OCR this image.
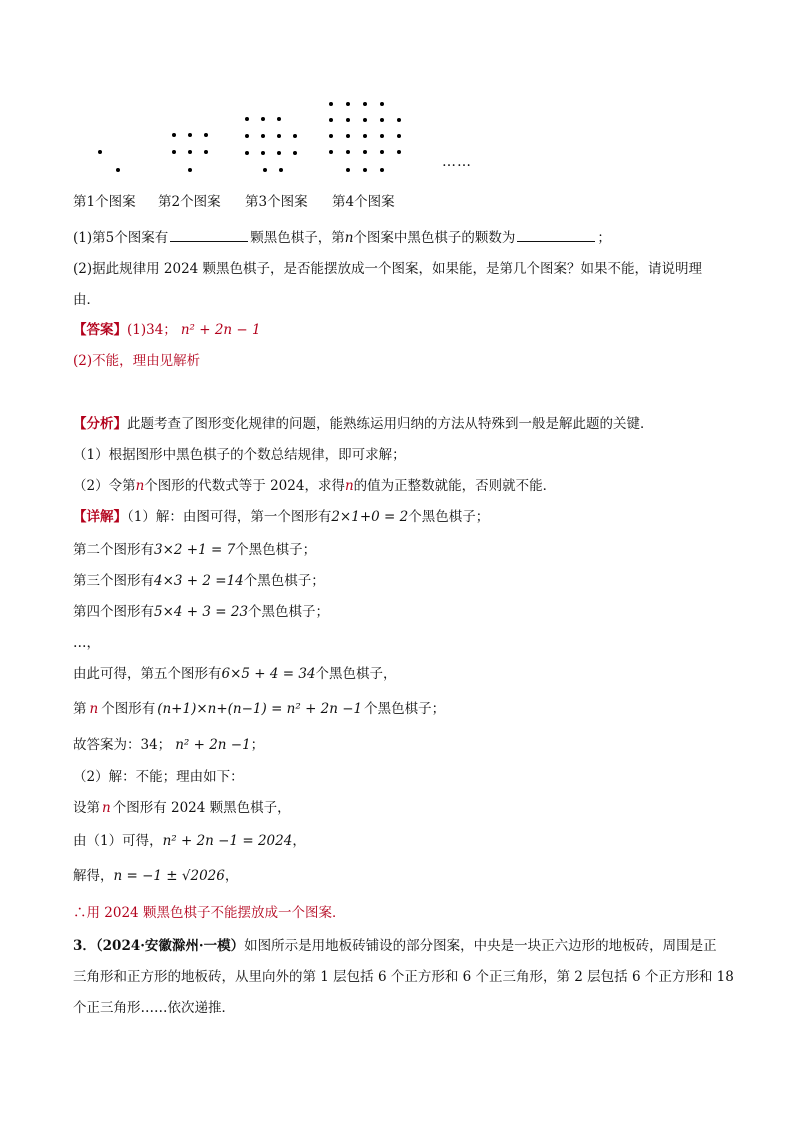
……
第1个图案 第2个图案 第3个图案 第4个图案
(1)第5个图案有	颗黑色棋子，第n个图案中黑色棋子的颗数为	；
(2)据此规律用 2024 颗黑色棋子，是否能摆放成一个图案，如果能，是第几个图案？如果不能，请说明理
由．
【答案】(1)34； n² + 2n − 1
(2)不能，理由见解析
【分析】此题考查了图形变化规律的问题，能熟练运用归纳的方法从特殊到一般是解此题的关键．
（1）根据图形中黑色棋子的个数总结规律，即可求解；
（2）令第n个图形的代数式等于 2024，求得n的值为正整数就能，否则就不能．
【详解】（1）解：由图可得，第一个图形有2×1+0 = 2个黑色棋子；
第二个图形有3×2 +1 = 7个黑色棋子；
第三个图形有4×3 + 2 =14个黑色棋子；
第四个图形有5×4 + 3 = 23个黑色棋子；
…，
由此可得，第五个图形有6×5 + 4 = 34个黑色棋子，
第 n 个图形有 (n+1)×n+(n−1) = n² + 2n −1 个黑色棋子；
故答案为：34； n² + 2n −1；
（2）解：不能；理由如下：
设第 n 个图形有 2024 颗黑色棋子，
由（1）可得，n² + 2n −1 = 2024，
解得，n = −1 ± √2026，
∴用 2024 颗黑色棋子不能摆放成一个图案．
3．（2024·安徽滁州·一模）如图所示是用地板砖铺设的部分图案，中央是一块正六边形的地板砖，周围是正
三角形和正方形的地板砖，从里向外的第 1 层包括 6 个正方形和 6 个正三角形，第 2 层包括 6 个正方形和 18
个正三角形……依次递推．
